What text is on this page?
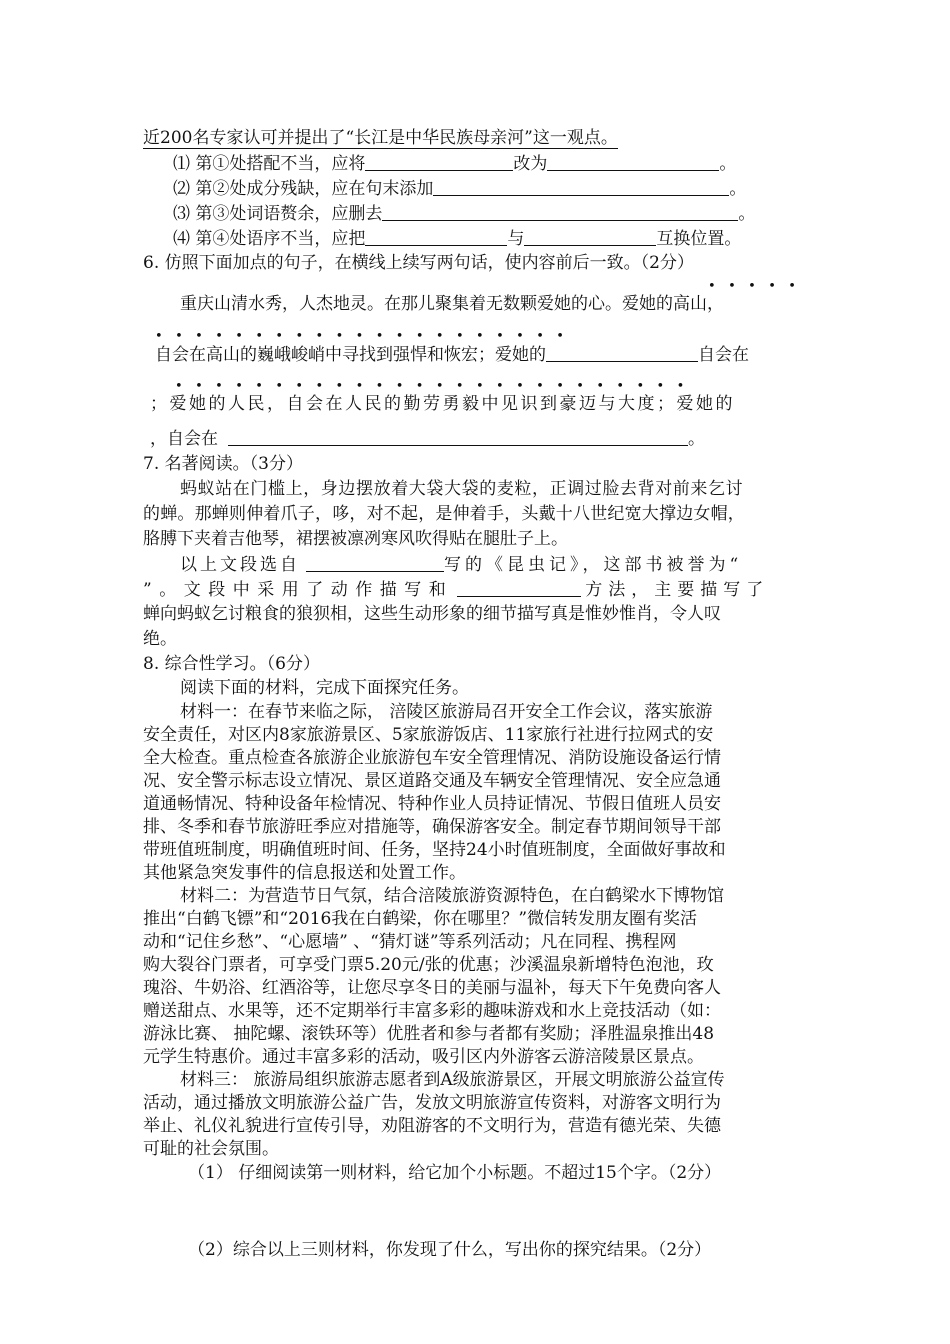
近200名专家认可并提出了“长江是中华民族母亲河”这一观点。
⑴ 第①处搭配不当，应将	改为	。
⑵ 第②处成分残缺，应在句末添加	。
⑶ 第③处词语赘余，应删去	。
⑷ 第④处语序不当，应把	与	互换位置。
6. 仿照下面加点的句子，在横线上续写两句话，使内容前后一致。（2分）
•   •   •   •   •
重庆山清水秀，人杰地灵。在那儿聚集着无数颗爱她的心。爱她的高山，
•   •   •   •   •   •   •   •   •   •   •   •   •   •   •   •   •   •   •   •   •
自会在高山的巍峨峻峭中寻找到强悍和恢宏；爱她的	自会在
•   •   •   •   •   •   •   •   •   •   •   •   •   •   •   •   •   •   •   •   •   •   •   •   •   •
；爱她的人民，自会在人民的勤劳勇毅中见识到豪迈与大度；爱她的
，自会在	。
7. 名著阅读。（3分）
蚂蚁站在门槛上，身边摆放着大袋大袋的麦粒，正调过脸去背对前来乞讨
的蝉。那蝉则伸着爪子，哆，对不起，是伸着手，头戴十八世纪宽大撑边女帽，
胳膊下夹着吉他琴，裙摆被凛冽寒风吹得贴在腿肚子上。
以上文段选自	写的《昆虫记》，这部书被誉为“
”。文段中采用了动作描写和	方法，主要描写了
蝉向蚂蚁乞讨粮食的狼狈相，这些生动形象的细节描写真是惟妙惟肖，令人叹
绝。
8. 综合性学习。（6分）
阅读下面的材料，完成下面探究任务。
材料一：在春节来临之际， 涪陵区旅游局召开安全工作会议，落实旅游
安全责任，对区内8家旅游景区、5家旅游饭店、11家旅行社进行拉网式的安
全大检查。重点检查各旅游企业旅游包车安全管理情况、消防设施设备运行情
况、安全警示标志设立情况、景区道路交通及车辆安全管理情况、安全应急通
道通畅情况、特种设备年检情况、特种作业人员持证情况、节假日值班人员安
排、冬季和春节旅游旺季应对措施等，确保游客安全。制定春节期间领导干部
带班值班制度，明确值班时间、任务，坚持24小时值班制度，全面做好事故和
其他紧急突发事件的信息报送和处置工作。
材料二：为营造节日气氛，结合涪陵旅游资源特色，在白鹤梁水下博物馆
推出“白鹤飞镖”和“2016我在白鹤梁，你在哪里？”微信转发朋友圈有奖活
动和“记住乡愁”、“心愿墙” 、“猜灯谜”等系列活动；凡在同程、携程网
购大裂谷门票者，可享受门票5.20元/张的优惠；沙溪温泉新增特色泡池，玫
瑰浴、牛奶浴、红酒浴等，让您尽享冬日的美丽与温补，每天下午免费向客人
赠送甜点、水果等，还不定期举行丰富多彩的趣味游戏和水上竞技活动（如：
游泳比赛、 抽陀螺、滚铁环等）优胜者和参与者都有奖励；泽胜温泉推出48
元学生特惠价。通过丰富多彩的活动，吸引区内外游客云游涪陵景区景点。
材料三： 旅游局组织旅游志愿者到A级旅游景区，开展文明旅游公益宣传
活动，通过播放文明旅游公益广告，发放文明旅游宣传资料，对游客文明行为
举止、礼仪礼貌进行宣传引导，劝阻游客的不文明行为，营造有德光荣、失德
可耻的社会氛围。
（1） 仔细阅读第一则材料，给它加个小标题。不超过15个字。（2分）
（2）综合以上三则材料，你发现了什么，写出你的探究结果。（2分）
